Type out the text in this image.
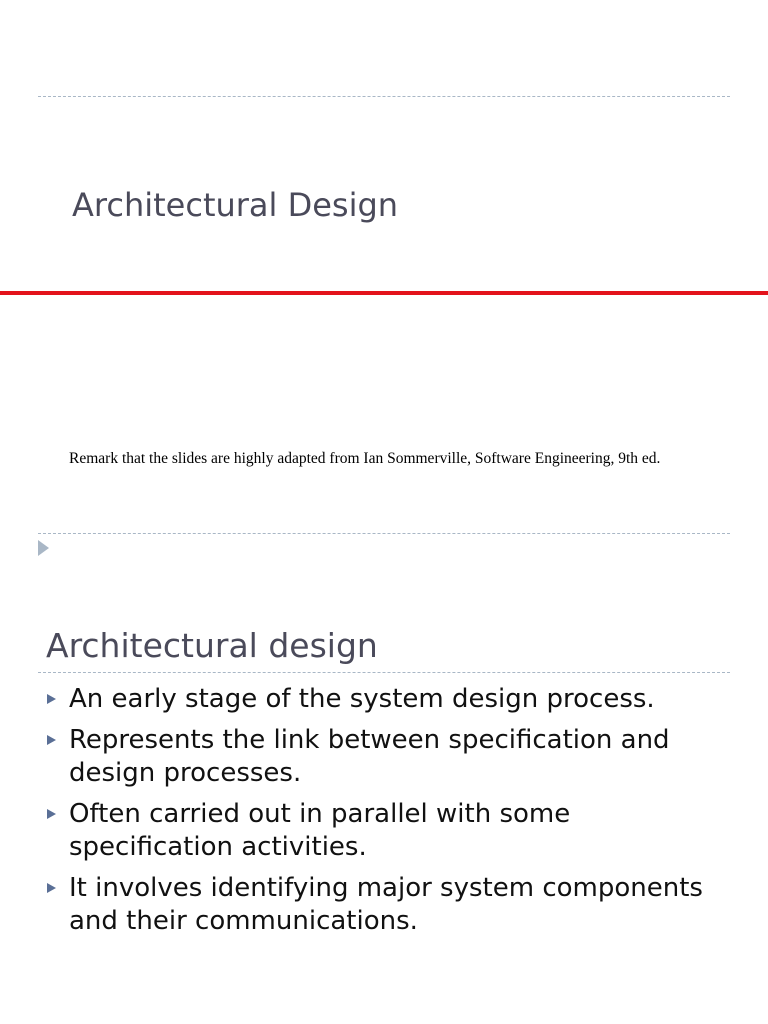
Architectural Design
Remark that the slides are highly adapted from Ian Sommerville, Software Engineering, 9th ed.
Architectural design
An early stage of the system design process.
Represents the link between specification and design processes.
Often carried out in parallel with some specification activities.
It involves identifying major system components and their communications.
